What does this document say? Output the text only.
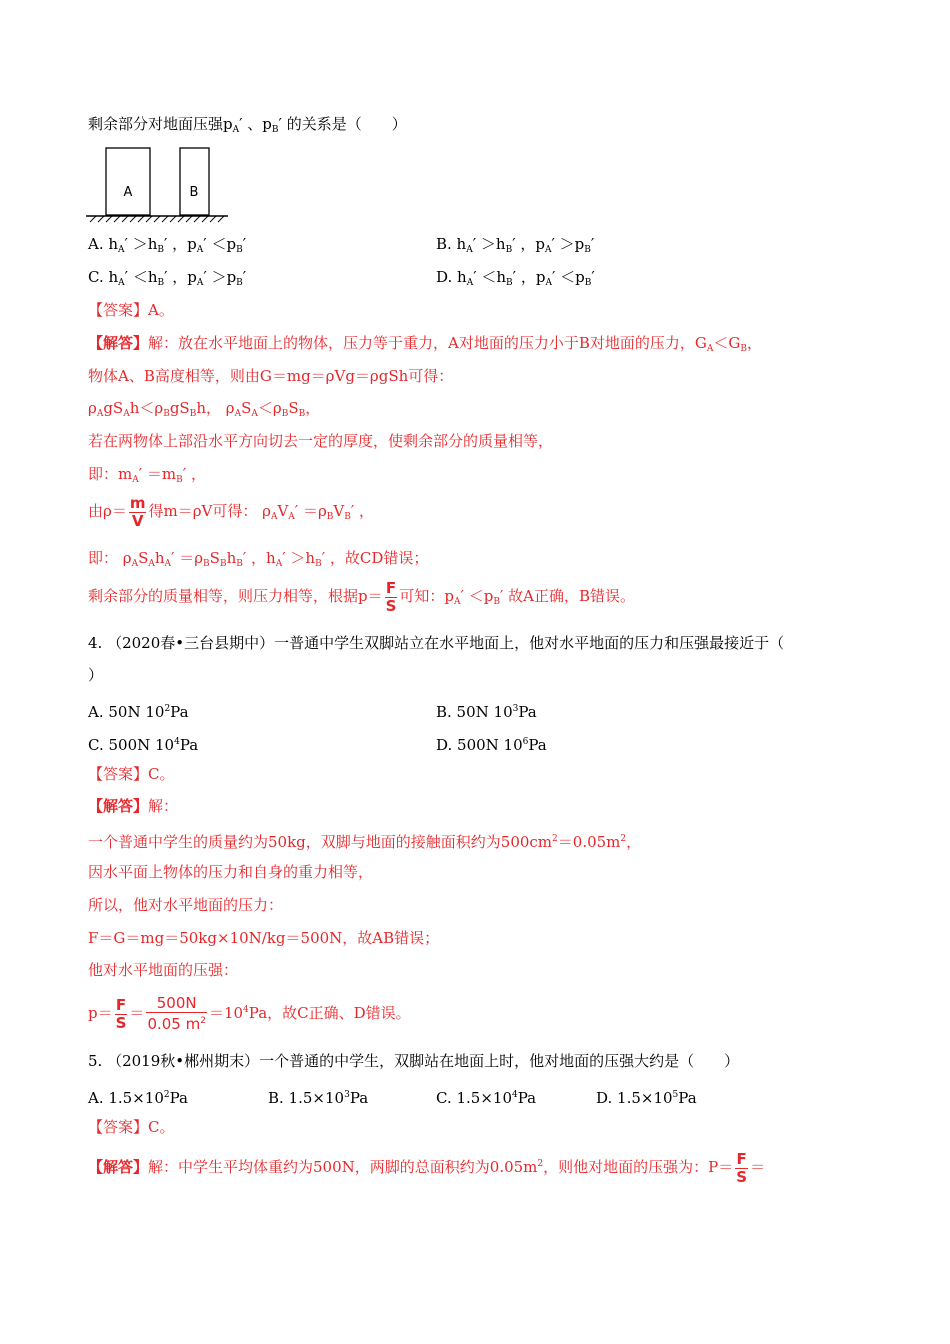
剩余部分对地面压强$p_A'$ 、$p_B'$ 的关系是（　　）
A	B
A. $h_A' >h_B'$ ，$p_A' <p_B'$	B. $h_A' >h_B'$ ，$p_A' >p_B'$
C. $h_A' <h_B'$ ，$p_A' >p_B'$	D. $h_A' <h_B'$ ，$p_A' <p_B'$
【答案】A。
【解答】解：放在水平地面上的物体，压力等于重力，A对地面的压力小于B对地面的压力，$G_A<G_B$，
物体A、B高度相等，则由G＝mg＝ρVg＝ρgSh可得：
$\rho_AgS_Ah<\rho_BgS_Bh$， $\rho_AS_A<\rho_BS_B$，
若在两物体上部沿水平方向切去一定的厚度，使剩余部分的质量相等，
即：$m_A' =m_B'$ ，
由$\rho= \frac{m}{V}$ 得m＝ρV可得： $\rho_AV_A' =\rho_BV_B'$ ，
即： $\rho_AS_Ah_A' =\rho_BS_Bh_B'$ ，$h_A' >h_B'$ ，故CD错误；
剩余部分的质量相等，则压力相等，根据$p= \frac{F}{S}$ 可知：$p_A' <p_B'$ 故A正确，B错误。
4. （2020春•三台县期中）一普通中学生双脚站立在水平地面上，他对水平地面的压力和压强最接近于（
）
A. 50N $10^2Pa$	B. 50N $10^3Pa$
C. 500N $10^4Pa$	D. 500N $10^6Pa$
【答案】C。
【解答】解：
一个普通中学生的质量约为50kg，双脚与地面的接触面积约为$500cm^2=0.05m^2$，
因水平面上物体的压力和自身的重力相等，
所以，他对水平地面的压力：
F＝G＝mg＝50kg×10N/kg＝500N，故AB错误；
他对水平地面的压强：
$p= \frac{F}{S} = \frac{500N}{0.05 m^2} =10^4Pa$，故C正确、D错误。
5. （2019秋•郴州期末）一个普通的中学生，双脚站在地面上时，他对地面的压强大约是（　　）
A. $1.5\times 10^2Pa$	B. $1.5\times 10^3Pa$	C. $1.5\times 10^4Pa$	D. $1.5\times 10^5Pa$
【答案】C。
【解答】解：中学生平均体重约为500N，两脚的总面积约为$0.05m^2$，则他对地面的压强为：$P= \frac{F}{S}$ ＝
